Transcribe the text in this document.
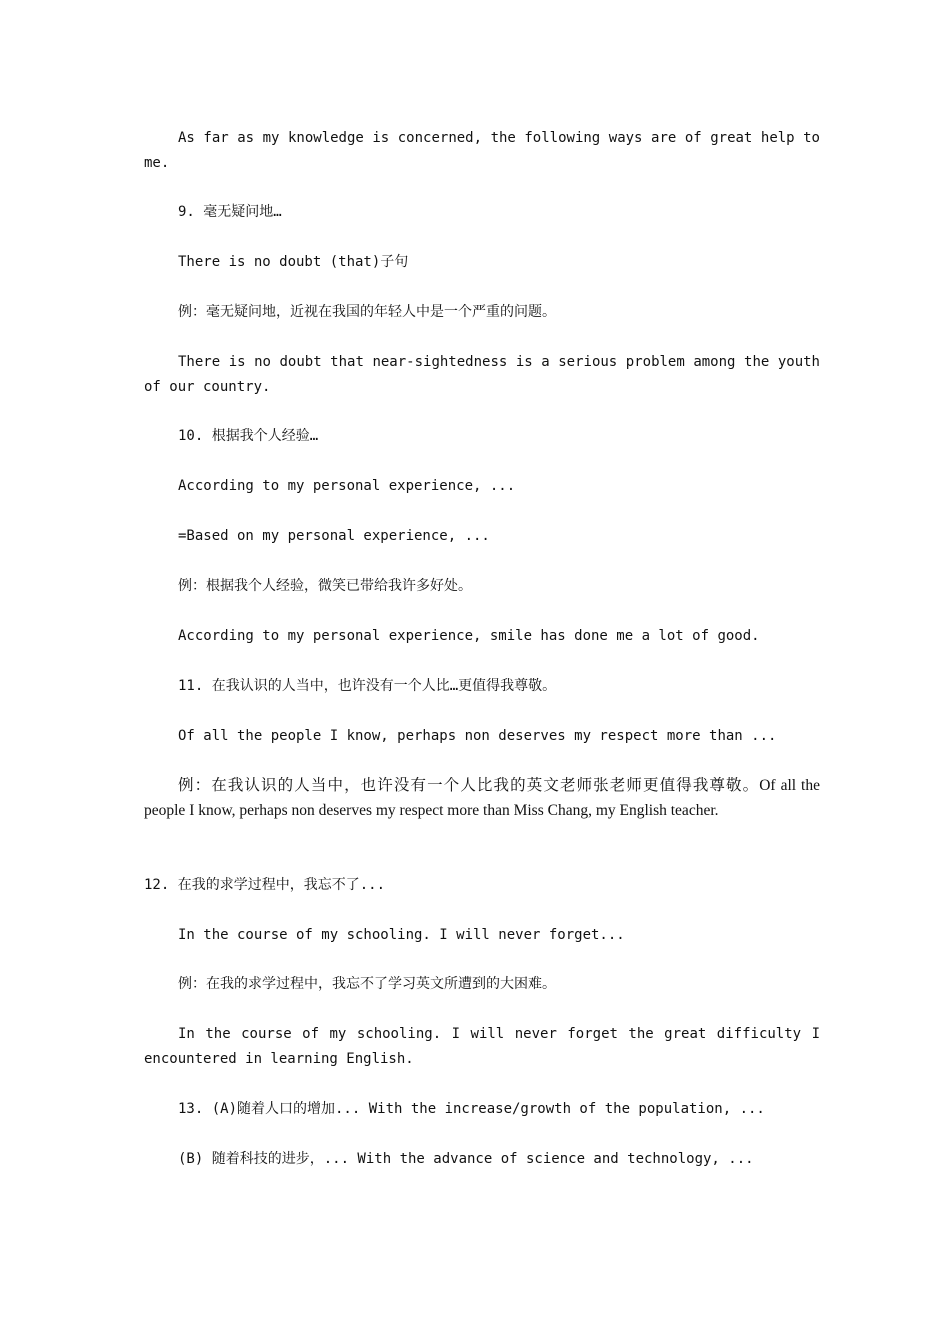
As far as my knowledge is concerned, the following ways are of great help to me.

9. 毫无疑问地…

There is no doubt (that)子句

例：毫无疑问地，近视在我国的年轻人中是一个严重的问题。

There is no doubt that near-sightedness is a serious problem among the youth of our country.

10. 根据我个人经验…

According to my personal experience, ...

=Based on my personal experience, ...

例：根据我个人经验，微笑已带给我许多好处。

According to my personal experience, smile has done me a lot of good.

11. 在我认识的人当中，也许没有一个人比…更值得我尊敬。

Of all the people I know, perhaps non deserves my respect more than ...

例：在我认识的人当中，也许没有一个人比我的英文老师张老师更值得我尊敬。Of all the people I know, perhaps non deserves my respect more than Miss Chang, my English teacher.

12. 在我的求学过程中，我忘不了...

In the course of my schooling. I will never forget...

例：在我的求学过程中，我忘不了学习英文所遭到的大困难。

In the course of my schooling. I will never forget the great difficulty I encountered in learning English.

13. (A)随着人口的增加... With the increase/growth of the population, ...

(B) 随着科技的进步，... With the advance of science and technology, ...
